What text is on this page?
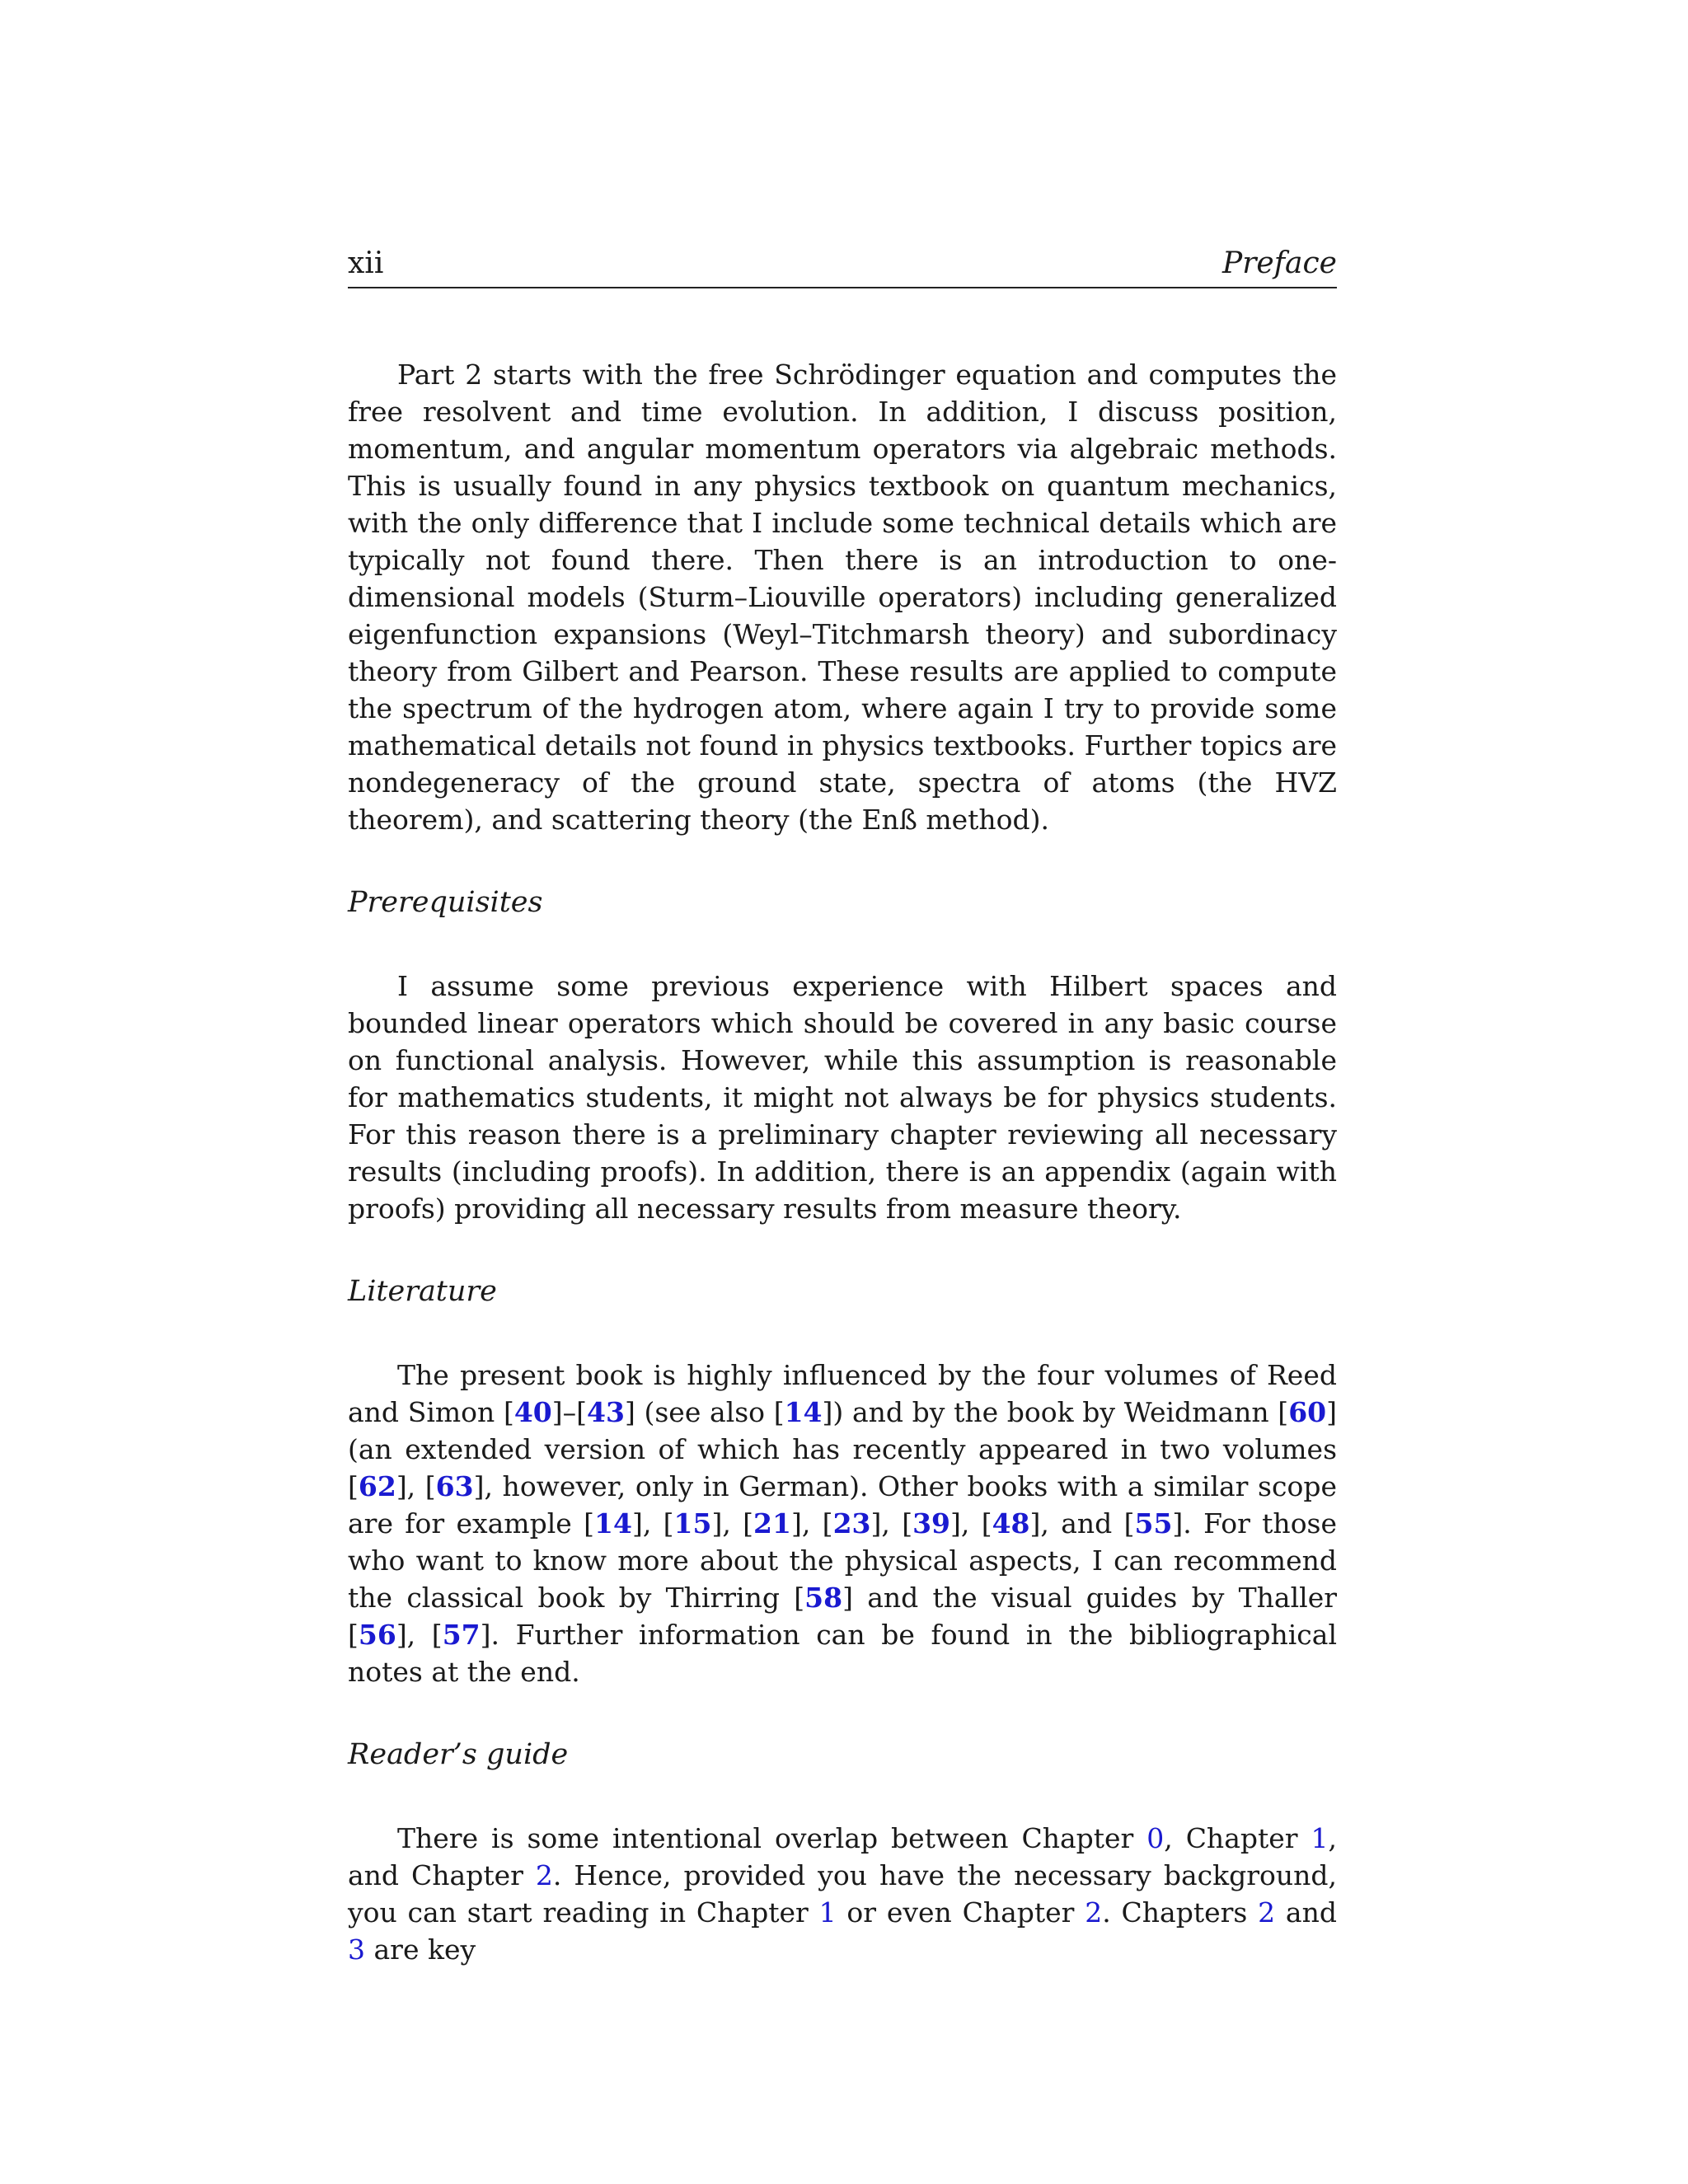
xii	Preface

Part 2 starts with the free Schrödinger equation and computes the free resolvent and time evolution. In addition, I discuss position, momentum, and angular momentum operators via algebraic methods. This is usually found in any physics textbook on quantum mechanics, with the only difference that I include some technical details which are typically not found there. Then there is an introduction to one-dimensional models (Sturm–Liouville operators) including generalized eigenfunction expansions (Weyl–Titchmarsh theory) and subordinacy theory from Gilbert and Pearson. These results are applied to compute the spectrum of the hydrogen atom, where again I try to provide some mathematical details not found in physics textbooks. Further topics are nondegeneracy of the ground state, spectra of atoms (the HVZ theorem), and scattering theory (the Enß method).

Prerequisites

I assume some previous experience with Hilbert spaces and bounded linear operators which should be covered in any basic course on functional analysis. However, while this assumption is reasonable for mathematics students, it might not always be for physics students. For this reason there is a preliminary chapter reviewing all necessary results (including proofs). In addition, there is an appendix (again with proofs) providing all necessary results from measure theory.

Literature

The present book is highly influenced by the four volumes of Reed and Simon [40]–[43] (see also [14]) and by the book by Weidmann [60] (an extended version of which has recently appeared in two volumes [62], [63], however, only in German). Other books with a similar scope are for example [14], [15], [21], [23], [39], [48], and [55]. For those who want to know more about the physical aspects, I can recommend the classical book by Thirring [58] and the visual guides by Thaller [56], [57]. Further information can be found in the bibliographical notes at the end.

Reader’s guide

There is some intentional overlap between Chapter 0, Chapter 1, and Chapter 2. Hence, provided you have the necessary background, you can start reading in Chapter 1 or even Chapter 2. Chapters 2 and 3 are key
